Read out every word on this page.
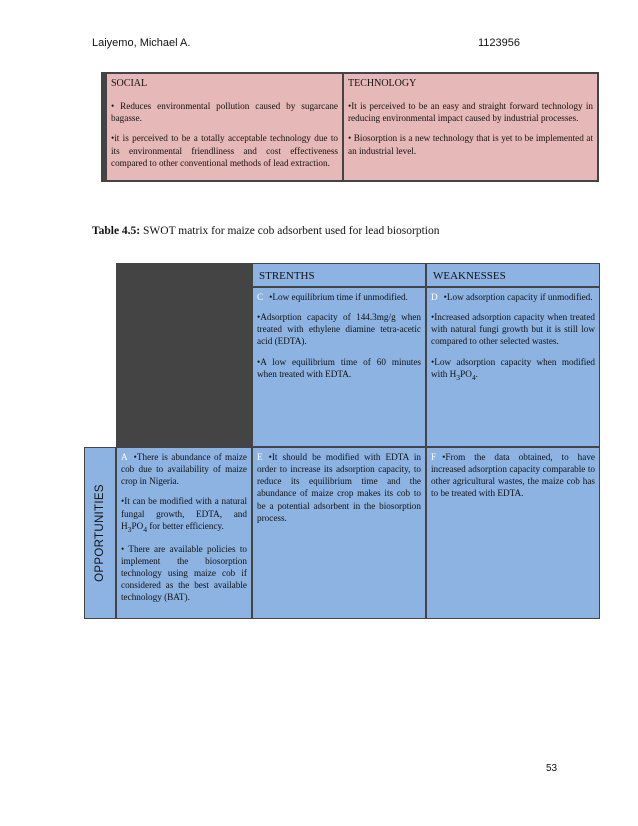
Laiyemo, Michael A.	1123956
SOCIAL

• Reduces environmental pollution caused by sugarcane bagasse.

•it is perceived to be a totally acceptable technology due to its environmental friendliness and cost effectiveness compared to other conventional methods of lead extraction.

TECHNOLOGY

•It is perceived to be an easy and straight forward technology in reducing environmental impact caused by industrial processes.

• Biosorption is a new technology that is yet to be implemented at an industrial level.

Table 4.5: SWOT matrix for maize cob adsorbent used for lead biosorption
STRENTHS	WEAKNESSES

C •Low equilibrium time if unmodified.

•Adsorption capacity of 144.3mg/g when treated with ethylene diamine tetra-acetic acid (EDTA).

•A low equilibrium time of 60 minutes when treated with EDTA.

D •Low adsorption capacity if unmodified.

•Increased adsorption capacity when treated with natural fungi growth but it is still low compared to other selected wastes.

•Low adsorption capacity when modified with $H_3PO_4$.

A •There is abundance of maize cob due to availability of maize crop in Nigeria.

•It can be modified with a natural fungal growth, EDTA, and $H_3PO_4$ for better efficiency.

• There are available policies to implement the biosorption technology using maize cob if considered as the best available technology (BAT).

E •It should be modified with EDTA in order to increase its adsorption capacity, to reduce its equilibrium time and the abundance of maize crop makes its cob to be a potential adsorbent in the biosorption process.

F •From the data obtained, to have increased adsorption capacity comparable to other agricultural wastes, the maize cob has to be treated with EDTA.

OPPORTUNITIES
53
